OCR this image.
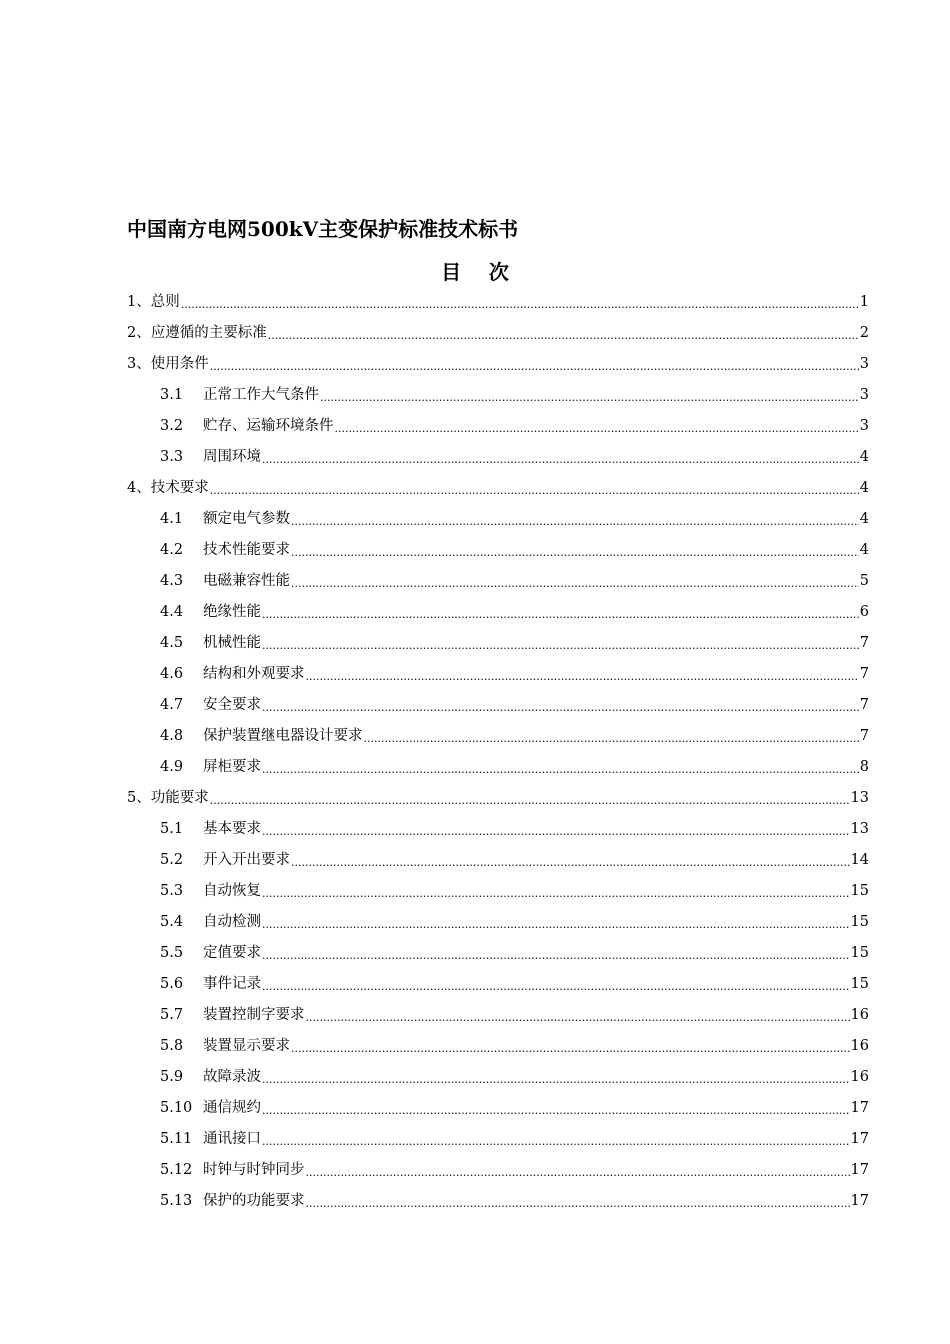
中国南方电网500kV主变保护标准技术标书
目    次
1、 总则 .....	1
2、 应遵循的主要标准 .....	2
3、 使用条件 .....	3
3.1	正常工作大气条件 .....	3
3.2	贮存、运输环境条件 .....	3
3.3	周围环境 .....	4
4、 技术要求 .....	4
4.1	额定电气参数 .....	4
4.2	技术性能要求 .....	4
4.3	电磁兼容性能 .....	5
4.4	绝缘性能 .....	6
4.5	机械性能 .....	7
4.6	结构和外观要求 .....	7
4.7	安全要求 .....	7
4.8	保护装置继电器设计要求 .....	7
4.9	屏柜要求 .....	8
5、 功能要求 .....	13
5.1	基本要求 .....	13
5.2	开入开出要求 .....	14
5.3	自动恢复 .....	15
5.4	自动检测 .....	15
5.5	定值要求 .....	15
5.6	事件记录 .....	15
5.7	装置控制字要求 .....	16
5.8	装置显示要求 .....	16
5.9	故障录波 .....	16
5.10 通信规约 .....	17
5.11 通讯接口 .....	17
5.12 时钟与时钟同步 .....	17
5.13 保护的功能要求 .....	17
